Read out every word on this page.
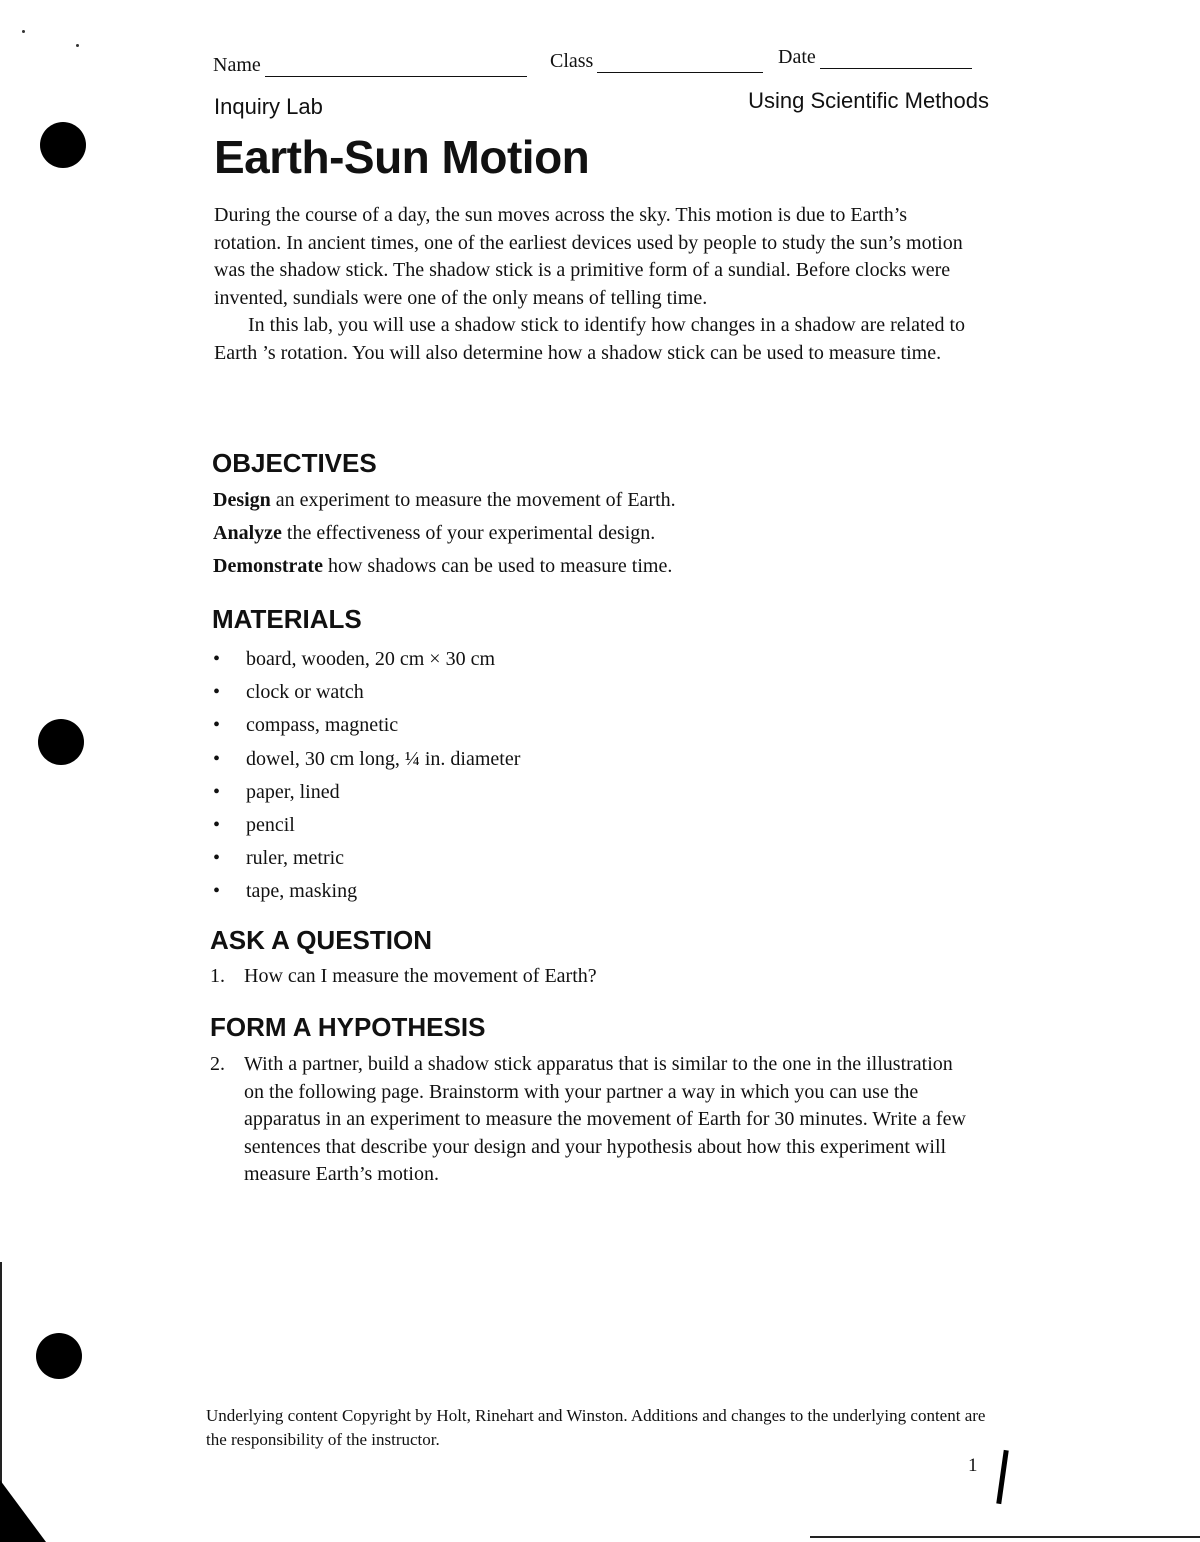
Name	Class	Date
Inquiry Lab	Using Scientific Methods
Earth-Sun Motion

During the course of a day, the sun moves across the sky. This motion is due to Earth’s rotation. In ancient times, one of the earliest devices used by people to study the sun’s motion was the shadow stick. The shadow stick is a primitive form of a sundial. Before clocks were invented, sundials were one of the only means of telling time.

In this lab, you will use a shadow stick to identify how changes in a shadow are related to Earth ’s rotation. You will also determine how a shadow stick can be used to measure time.

OBJECTIVES
Design an experiment to measure the movement of Earth.
Analyze the effectiveness of your experimental design.
Demonstrate how shadows can be used to measure time.
MATERIALS
• board, wooden, 20 cm × 30 cm
• clock or watch
• compass, magnetic
• dowel, 30 cm long, ¼ in. diameter
• paper, lined
• pencil
• ruler, metric
• tape, masking
ASK A QUESTION
1. How can I measure the movement of Earth?
FORM A HYPOTHESIS
2. With a partner, build a shadow stick apparatus that is similar to the one in the illustration on the following page. Brainstorm with your partner a way in which you can use the apparatus in an experiment to measure the movement of Earth for 30 minutes. Write a few sentences that describe your design and your hypothesis about how this experiment will measure Earth’s motion.
Underlying content Copyright by Holt, Rinehart and Winston. Additions and changes to the underlying content are the responsibility of the instructor.
1
